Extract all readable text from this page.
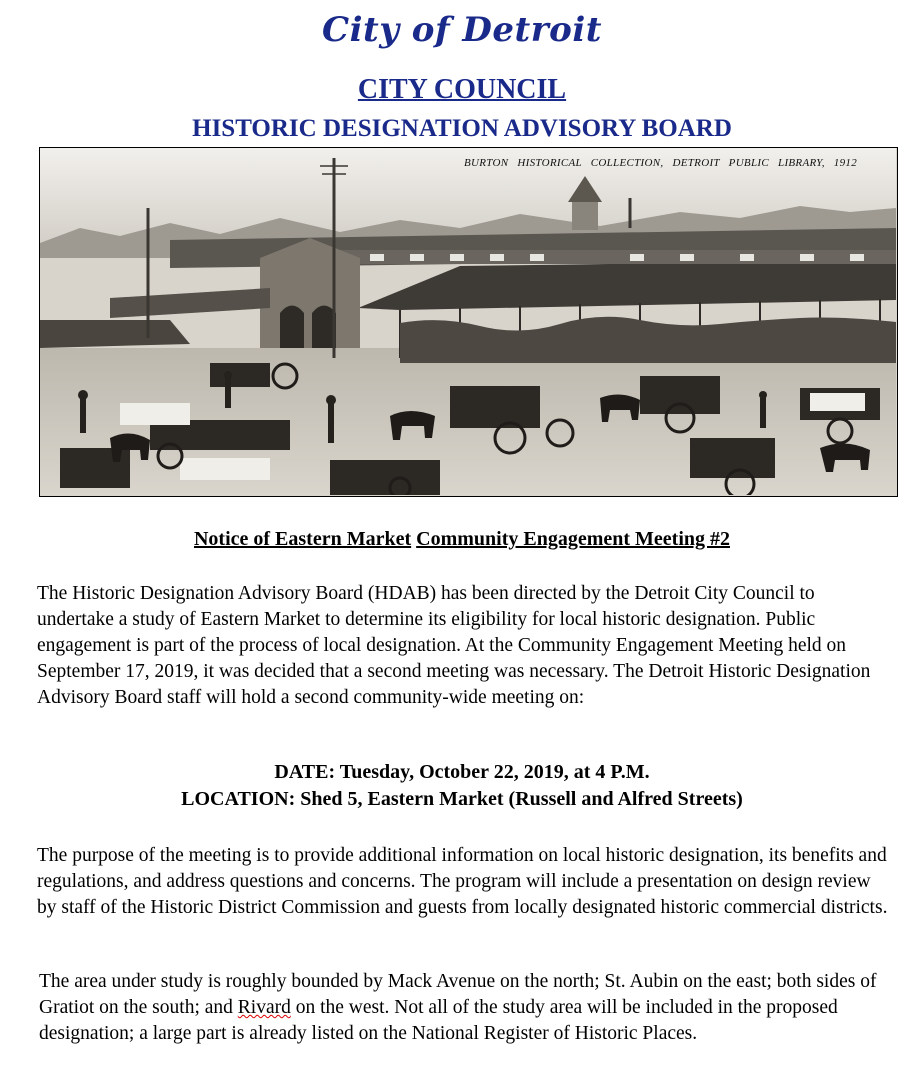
City of Detroit
CITY COUNCIL
HISTORIC DESIGNATION ADVISORY BOARD
BURTON HISTORICAL COLLECTION, DETROIT PUBLIC LIBRARY, 1912
Notice of Eastern Market Community Engagement Meeting #2
The Historic Designation Advisory Board (HDAB) has been directed by the Detroit City Council to undertake a study of Eastern Market to determine its eligibility for local historic designation. Public engagement is part of the process of local designation. At the Community Engagement Meeting held on September 17, 2019, it was decided that a second meeting was necessary. The Detroit Historic Designation Advisory Board staff will hold a second community-wide meeting on:
DATE: Tuesday, October 22, 2019, at 4 P.M.
LOCATION: Shed 5, Eastern Market (Russell and Alfred Streets)
The purpose of the meeting is to provide additional information on local historic designation, its benefits and regulations, and address questions and concerns. The program will include a presentation on design review by staff of the Historic District Commission and guests from locally designated historic commercial districts.
The area under study is roughly bounded by Mack Avenue on the north; St. Aubin on the east; both sides of Gratiot on the south; and Rivard on the west. Not all of the study area will be included in the proposed designation; a large part is already listed on the National Register of Historic Places.
